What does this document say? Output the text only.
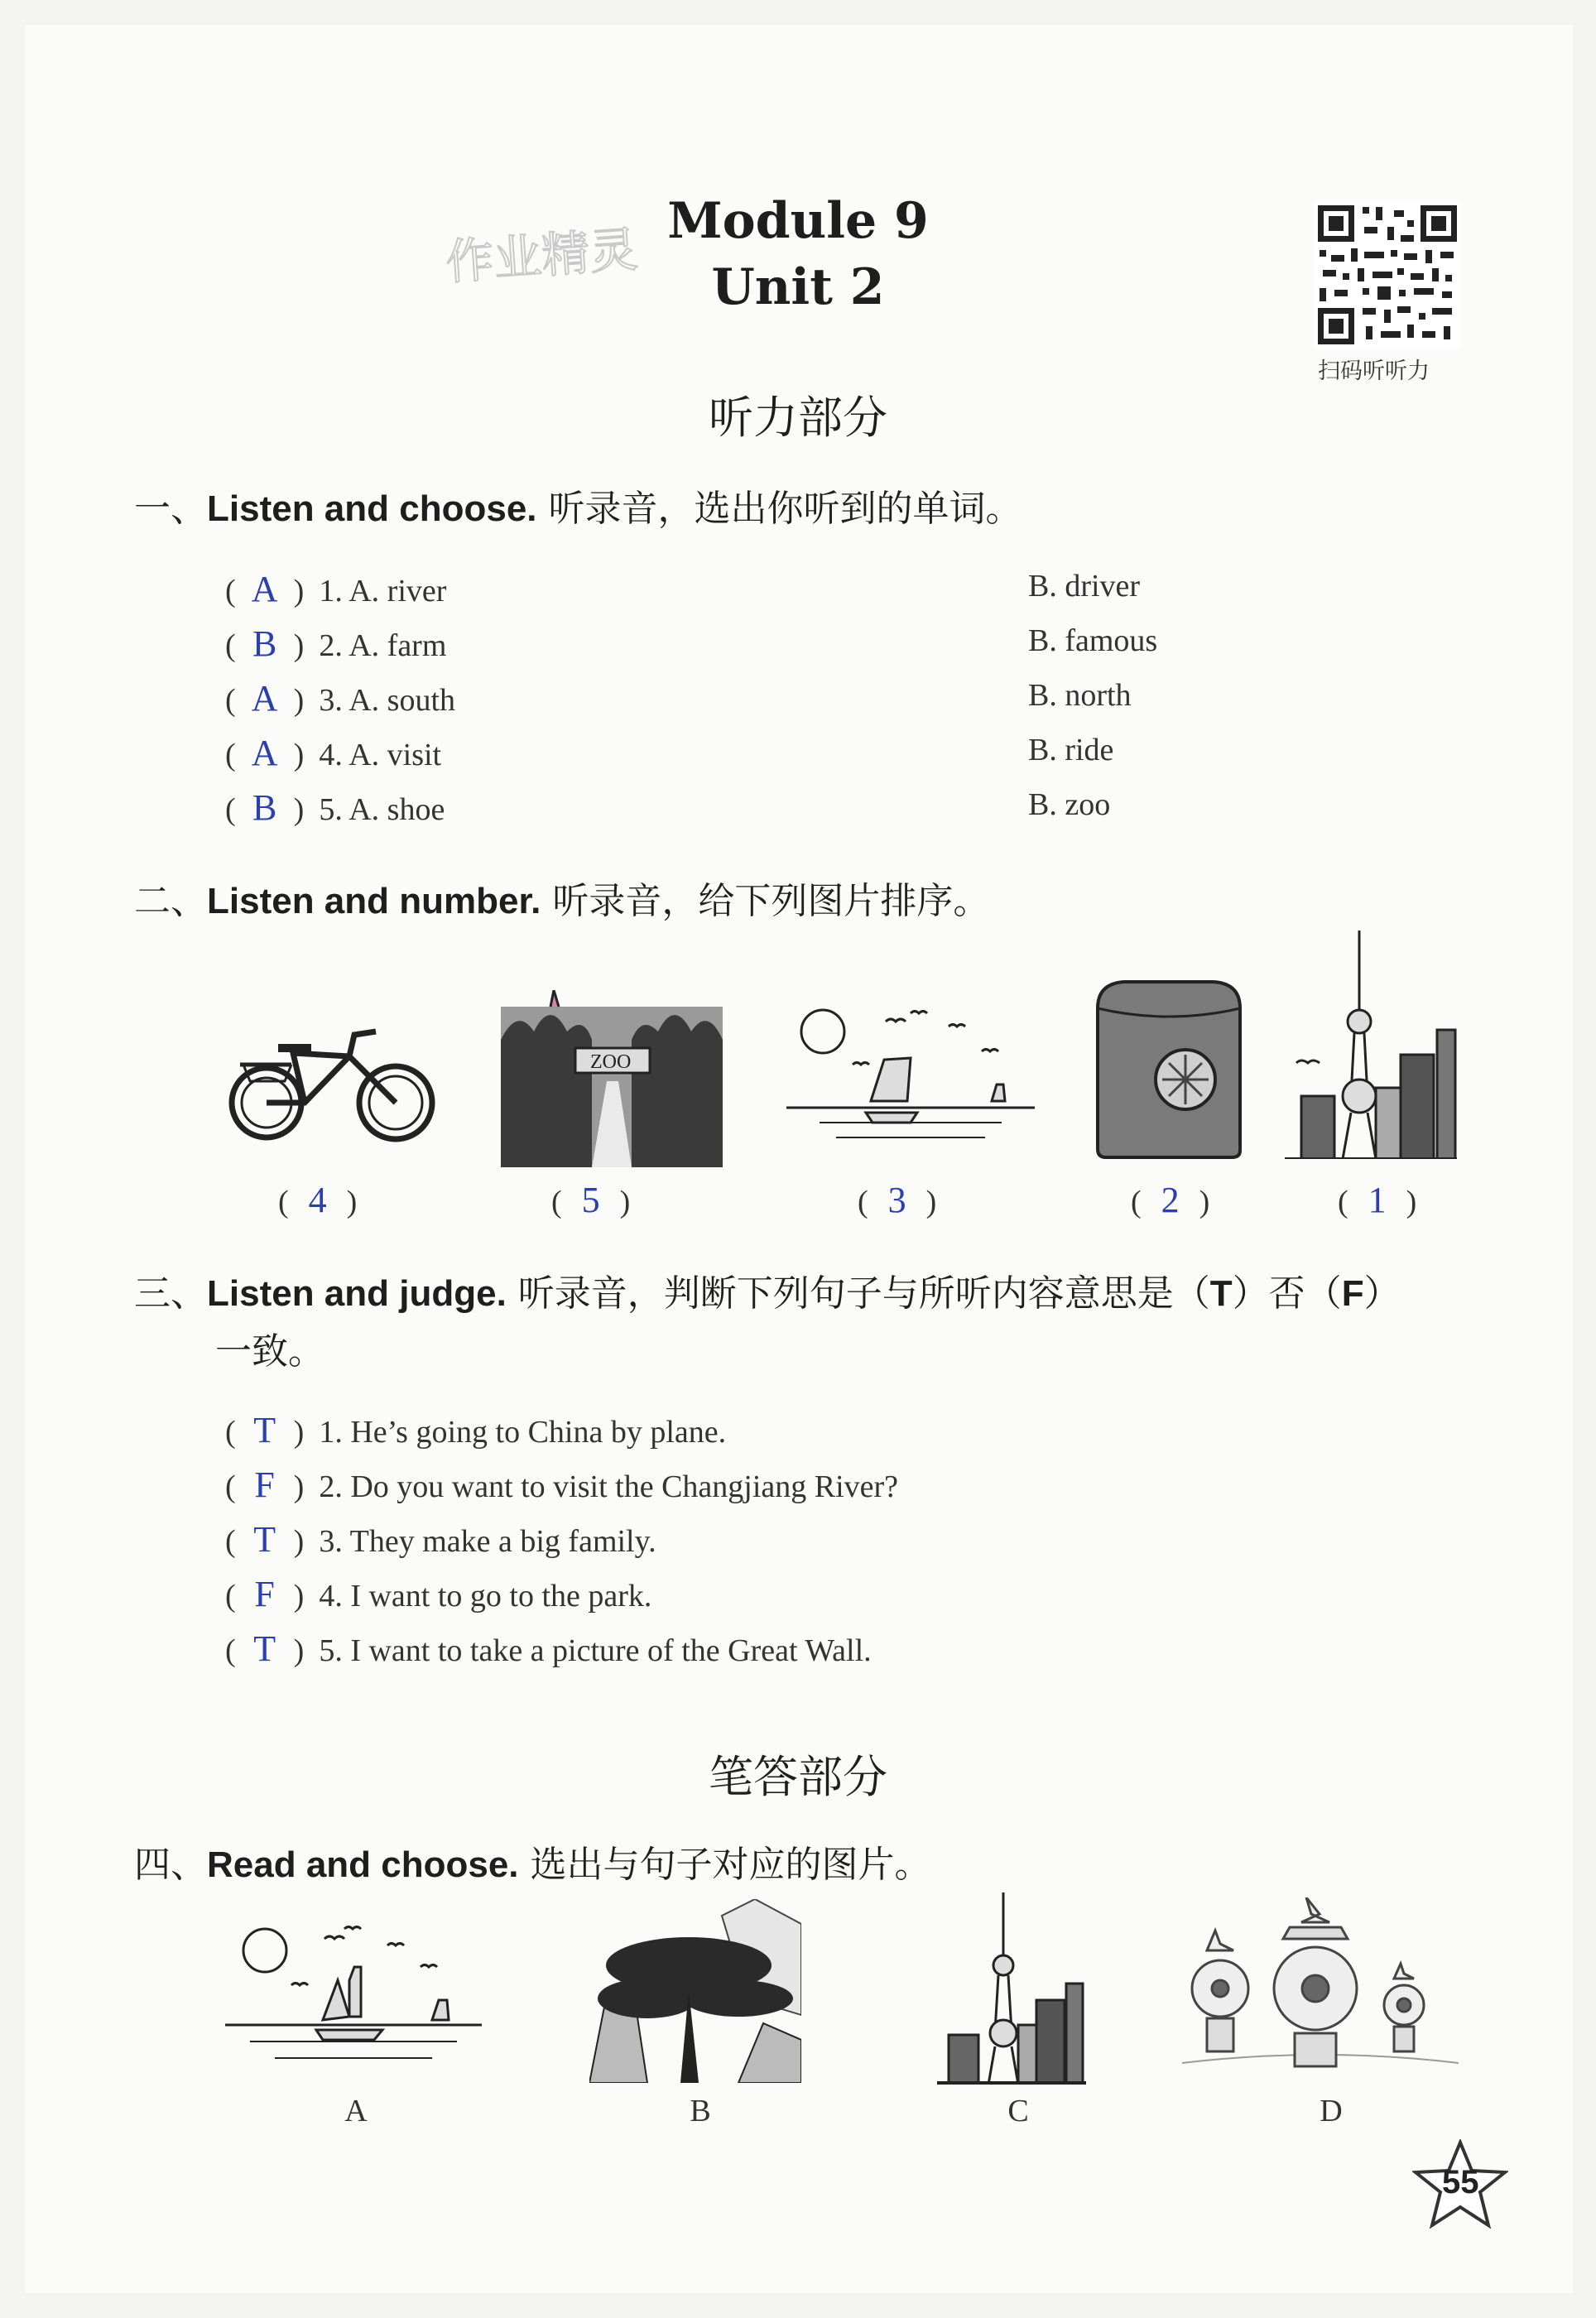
作业精灵 Module 9
Unit 2
扫码听听力
听力部分
一、Listen and choose. 听录音，选出你听到的单词。
( A ) 1. A. river	B. driver
( B ) 2. A. farm	B. famous
( A ) 3. A. south	B. north
( A ) 4. A. visit	B. ride
( B ) 5. A. shoe	B. zoo
二、Listen and number. 听录音，给下列图片排序。
ZOO
( 4 )	( 5 )	( 3 )	( 2 )	( 1 )
三、Listen and judge. 听录音，判断下列句子与所听内容意思是（T）否（F）
一致。
( T ) 1. He’s going to China by plane.
( F ) 2. Do you want to visit the Changjiang River?
( T ) 3. They make a big family.
( F ) 4. I want to go to the park.
( T ) 5. I want to take a picture of the Great Wall.
笔答部分
四、Read and choose. 选出与句子对应的图片。
A	B	C	D
55
